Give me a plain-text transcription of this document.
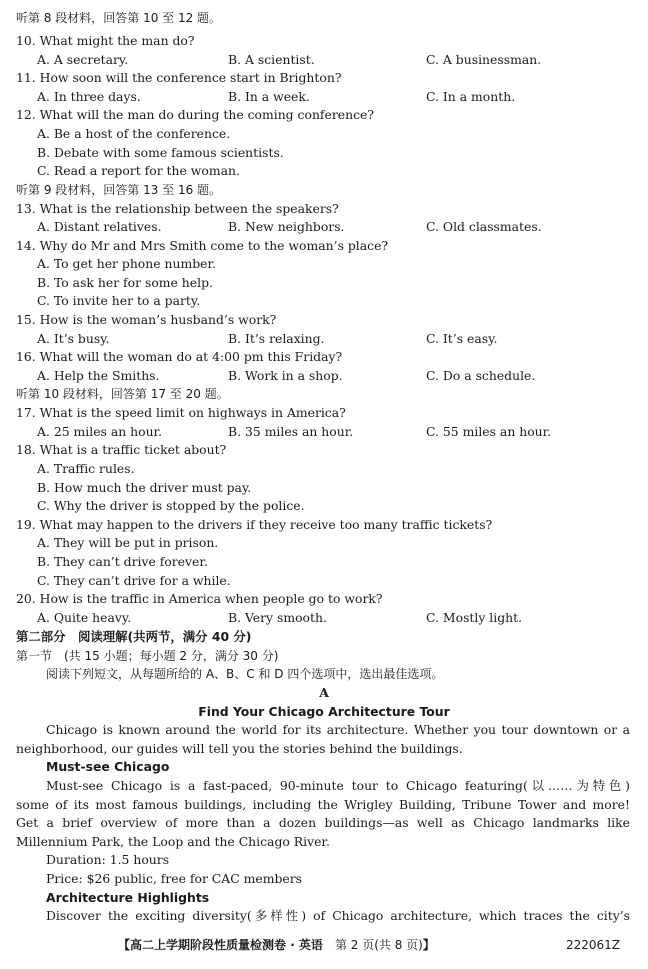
听第 8 段材料，回答第 10 至 12 题。
10. What might the man do?
A. A secretary.	B. A scientist.	C. A businessman.
11. How soon will the conference start in Brighton?
A. In three days.	B. In a week.	C. In a month.
12. What will the man do during the coming conference?
A. Be a host of the conference.
B. Debate with some famous scientists.
C. Read a report for the woman.
听第 9 段材料，回答第 13 至 16 题。
13. What is the relationship between the speakers?
A. Distant relatives.	B. New neighbors.	C. Old classmates.
14. Why do Mr and Mrs Smith come to the woman’s place?
A. To get her phone number.
B. To ask her for some help.
C. To invite her to a party.
15. How is the woman’s husband’s work?
A. It’s busy.	B. It’s relaxing.	C. It’s easy.
16. What will the woman do at 4:00 pm this Friday?
A. Help the Smiths.	B. Work in a shop.	C. Do a schedule.
听第 10 段材料，回答第 17 至 20 题。
17. What is the speed limit on highways in America?
A. 25 miles an hour.	B. 35 miles an hour.	C. 55 miles an hour.
18. What is a traffic ticket about?
A. Traffic rules.
B. How much the driver must pay.
C. Why the driver is stopped by the police.
19. What may happen to the drivers if they receive too many traffic tickets?
A. They will be put in prison.
B. They can’t drive forever.
C. They can’t drive for a while.
20. How is the traffic in America when people go to work?
A. Quite heavy.	B. Very smooth.	C. Mostly light.
第二部分　阅读理解(共两节，满分 40 分)
第一节　(共 15 小题；每小题 2 分，满分 30 分)
阅读下列短文，从每题所给的 A、B、C 和 D 四个选项中，选出最佳选项。
A
Find Your Chicago Architecture Tour
Chicago is known around the world for its architecture. Whether you tour downtown or a
neighborhood, our guides will tell you the stories behind the buildings.
Must-see Chicago
Must-see Chicago is a fast-paced, 90-minute tour to Chicago featuring(以……为特色)
some of its most famous buildings, including the Wrigley Building, Tribune Tower and more!
Get a brief overview of more than a dozen buildings—as well as Chicago landmarks like
Millennium Park, the Loop and the Chicago River.
Duration: 1.5 hours
Price: $26 public, free for CAC members
Architecture Highlights
Discover the exciting diversity(多样性) of Chicago architecture, which traces the city’s
【高二上学期阶段性质量检测卷 · 英语　 第 2 页(共 8 页)】	222061Z
